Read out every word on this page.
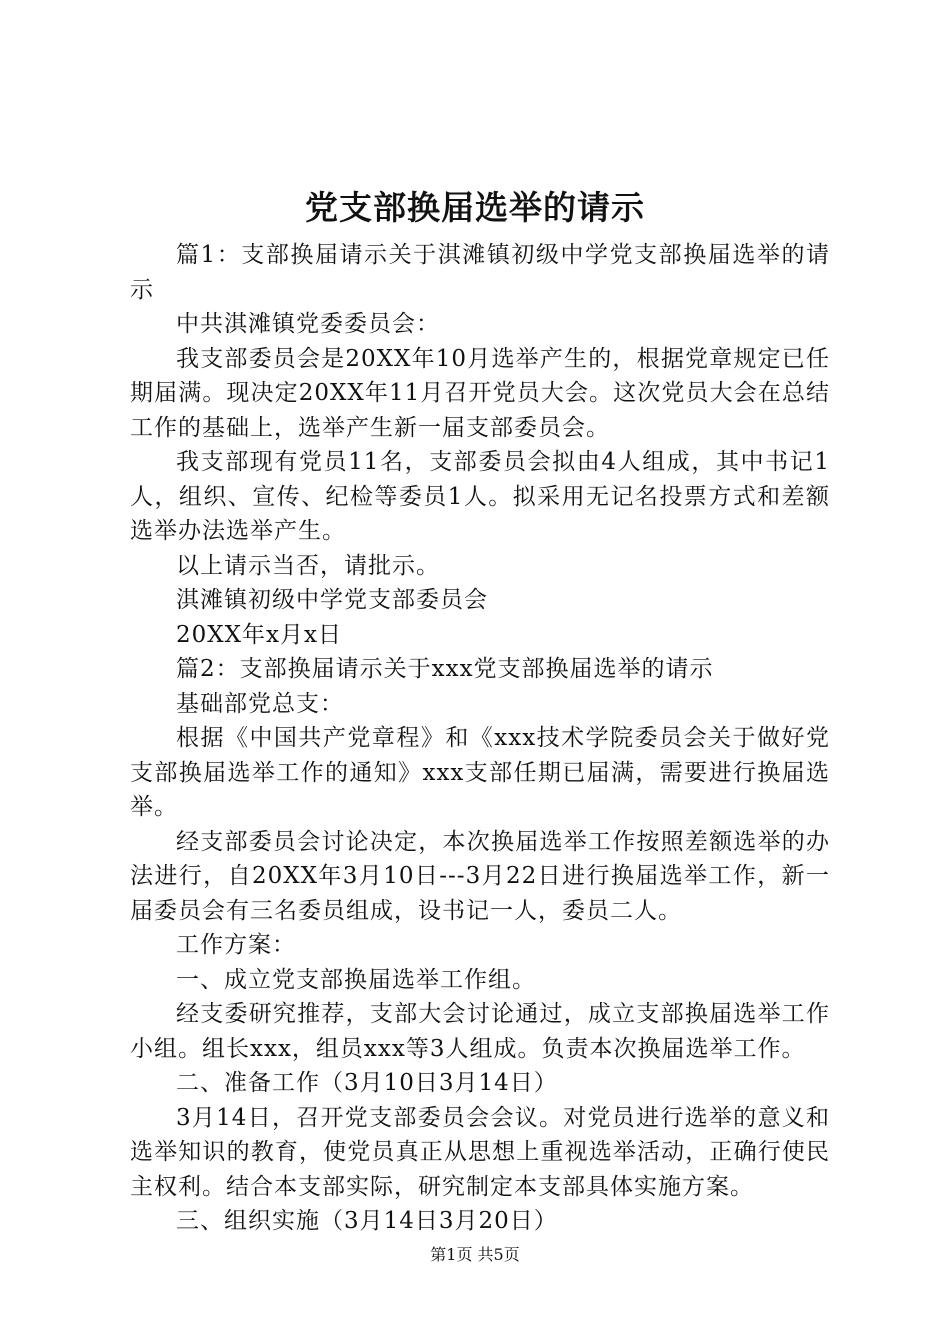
党支部换届选举的请示

篇1：支部换届请示关于淇滩镇初级中学党支部换届选举的请示

中共淇滩镇党委委员会：

我支部委员会是20XX年10月选举产生的，根据党章规定已任期届满。现决定20XX年11月召开党员大会。这次党员大会在总结工作的基础上，选举产生新一届支部委员会。

我支部现有党员11名，支部委员会拟由4人组成，其中书记1人，组织、宣传、纪检等委员1人。拟采用无记名投票方式和差额选举办法选举产生。

以上请示当否，请批示。

淇滩镇初级中学党支部委员会

20XX年x月x日

篇2：支部换届请示关于xxx党支部换届选举的请示

基础部党总支：

根据《中国共产党章程》和《xxx技术学院委员会关于做好党支部换届选举工作的通知》xxx支部任期已届满，需要进行换届选举。

经支部委员会讨论决定，本次换届选举工作按照差额选举的办法进行，自20XX年3月10日---3月22日进行换届选举工作，新一届委员会有三名委员组成，设书记一人，委员二人。

工作方案：

一、成立党支部换届选举工作组。

经支委研究推荐，支部大会讨论通过，成立支部换届选举工作小组。组长xxx，组员xxx等3人组成。负责本次换届选举工作。

二、准备工作（3月10日3月14日）

3月14日，召开党支部委员会会议。对党员进行选举的意义和选举知识的教育，使党员真正从思想上重视选举活动，正确行使民主权利。结合本支部实际，研究制定本支部具体实施方案。

三、组织实施（3月14日3月20日）

第1页 共5页
